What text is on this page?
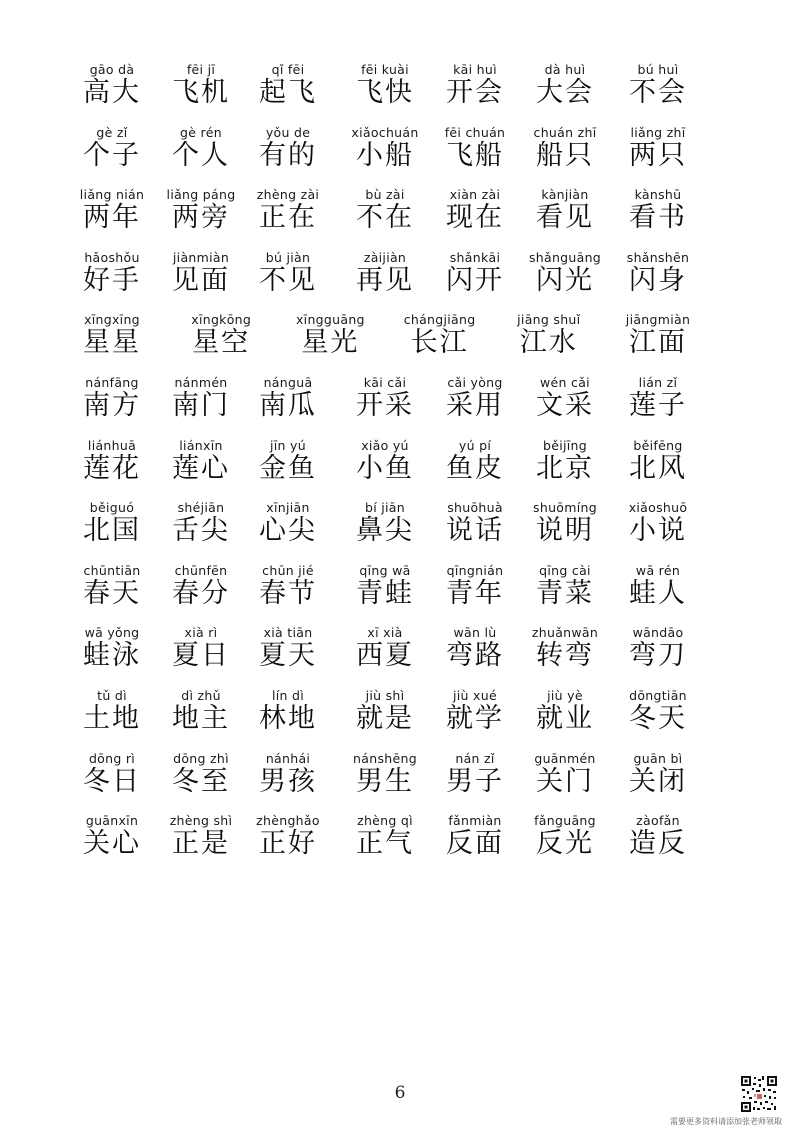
gāo dà
高大
fēi jī
飞机
qǐ fēi
起飞
fēi kuài
飞快
kāi huì
开会
dà huì
大会
bú huì
不会
gè zǐ
个子
gè rén
个人
yǒu de
有的
xiǎochuán
小船
fēi chuán
飞船
chuán zhī
船只
liǎng zhī
两只
liǎng nián
两年
liǎng páng
两旁
zhèng zài
正在
bù zài
不在
xiàn zài
现在
kànjiàn
看见
kànshū
看书
hǎoshǒu
好手
jiànmiàn
见面
bú jiàn
不见
zàijiàn
再见
shǎnkāi
闪开
shǎnguāng
闪光
shǎnshēn
闪身
xīngxīng
星星
xīngkōng
星空
xīngguāng
星光
chángjiāng
长江
jiāng shuǐ
江水
jiāngmiàn
江面
nánfāng
南方
nánmén
南门
nánguā
南瓜
kāi cǎi
开采
cǎi yòng
采用
wén cǎi
文采
lián zǐ
莲子
liánhuā
莲花
liánxīn
莲心
jīn yú
金鱼
xiǎo yú
小鱼
yú pí
鱼皮
běijīng
北京
běifēng
北风
běiguó
北国
shéjiān
舌尖
xīnjiān
心尖
bí jiān
鼻尖
shuōhuà
说话
shuōmíng
说明
xiǎoshuō
小说
chūntiān
春天
chūnfēn
春分
chūn jié
春节
qīng wā
青蛙
qīngnián
青年
qīng cài
青菜
wā rén
蛙人
wā yǒng
蛙泳
xià rì
夏日
xià tiān
夏天
xī xià
西夏
wān lù
弯路
zhuǎnwān
转弯
wāndāo
弯刀
tǔ dì
土地
dì zhǔ
地主
lín dì
林地
jiù shì
就是
jiù xué
就学
jiù yè
就业
dōngtiān
冬天
dōng rì
冬日
dōng zhì
冬至
nánhái
男孩
nánshēng
男生
nán zǐ
男子
guānmén
关门
guān bì
关闭
guānxīn
关心
zhèng shì
正是
zhènghǎo
正好
zhèng qì
正气
fǎnmiàn
反面
fǎnguāng
反光
zàofǎn
造反
6
需要更多资料请添加张老师领取
